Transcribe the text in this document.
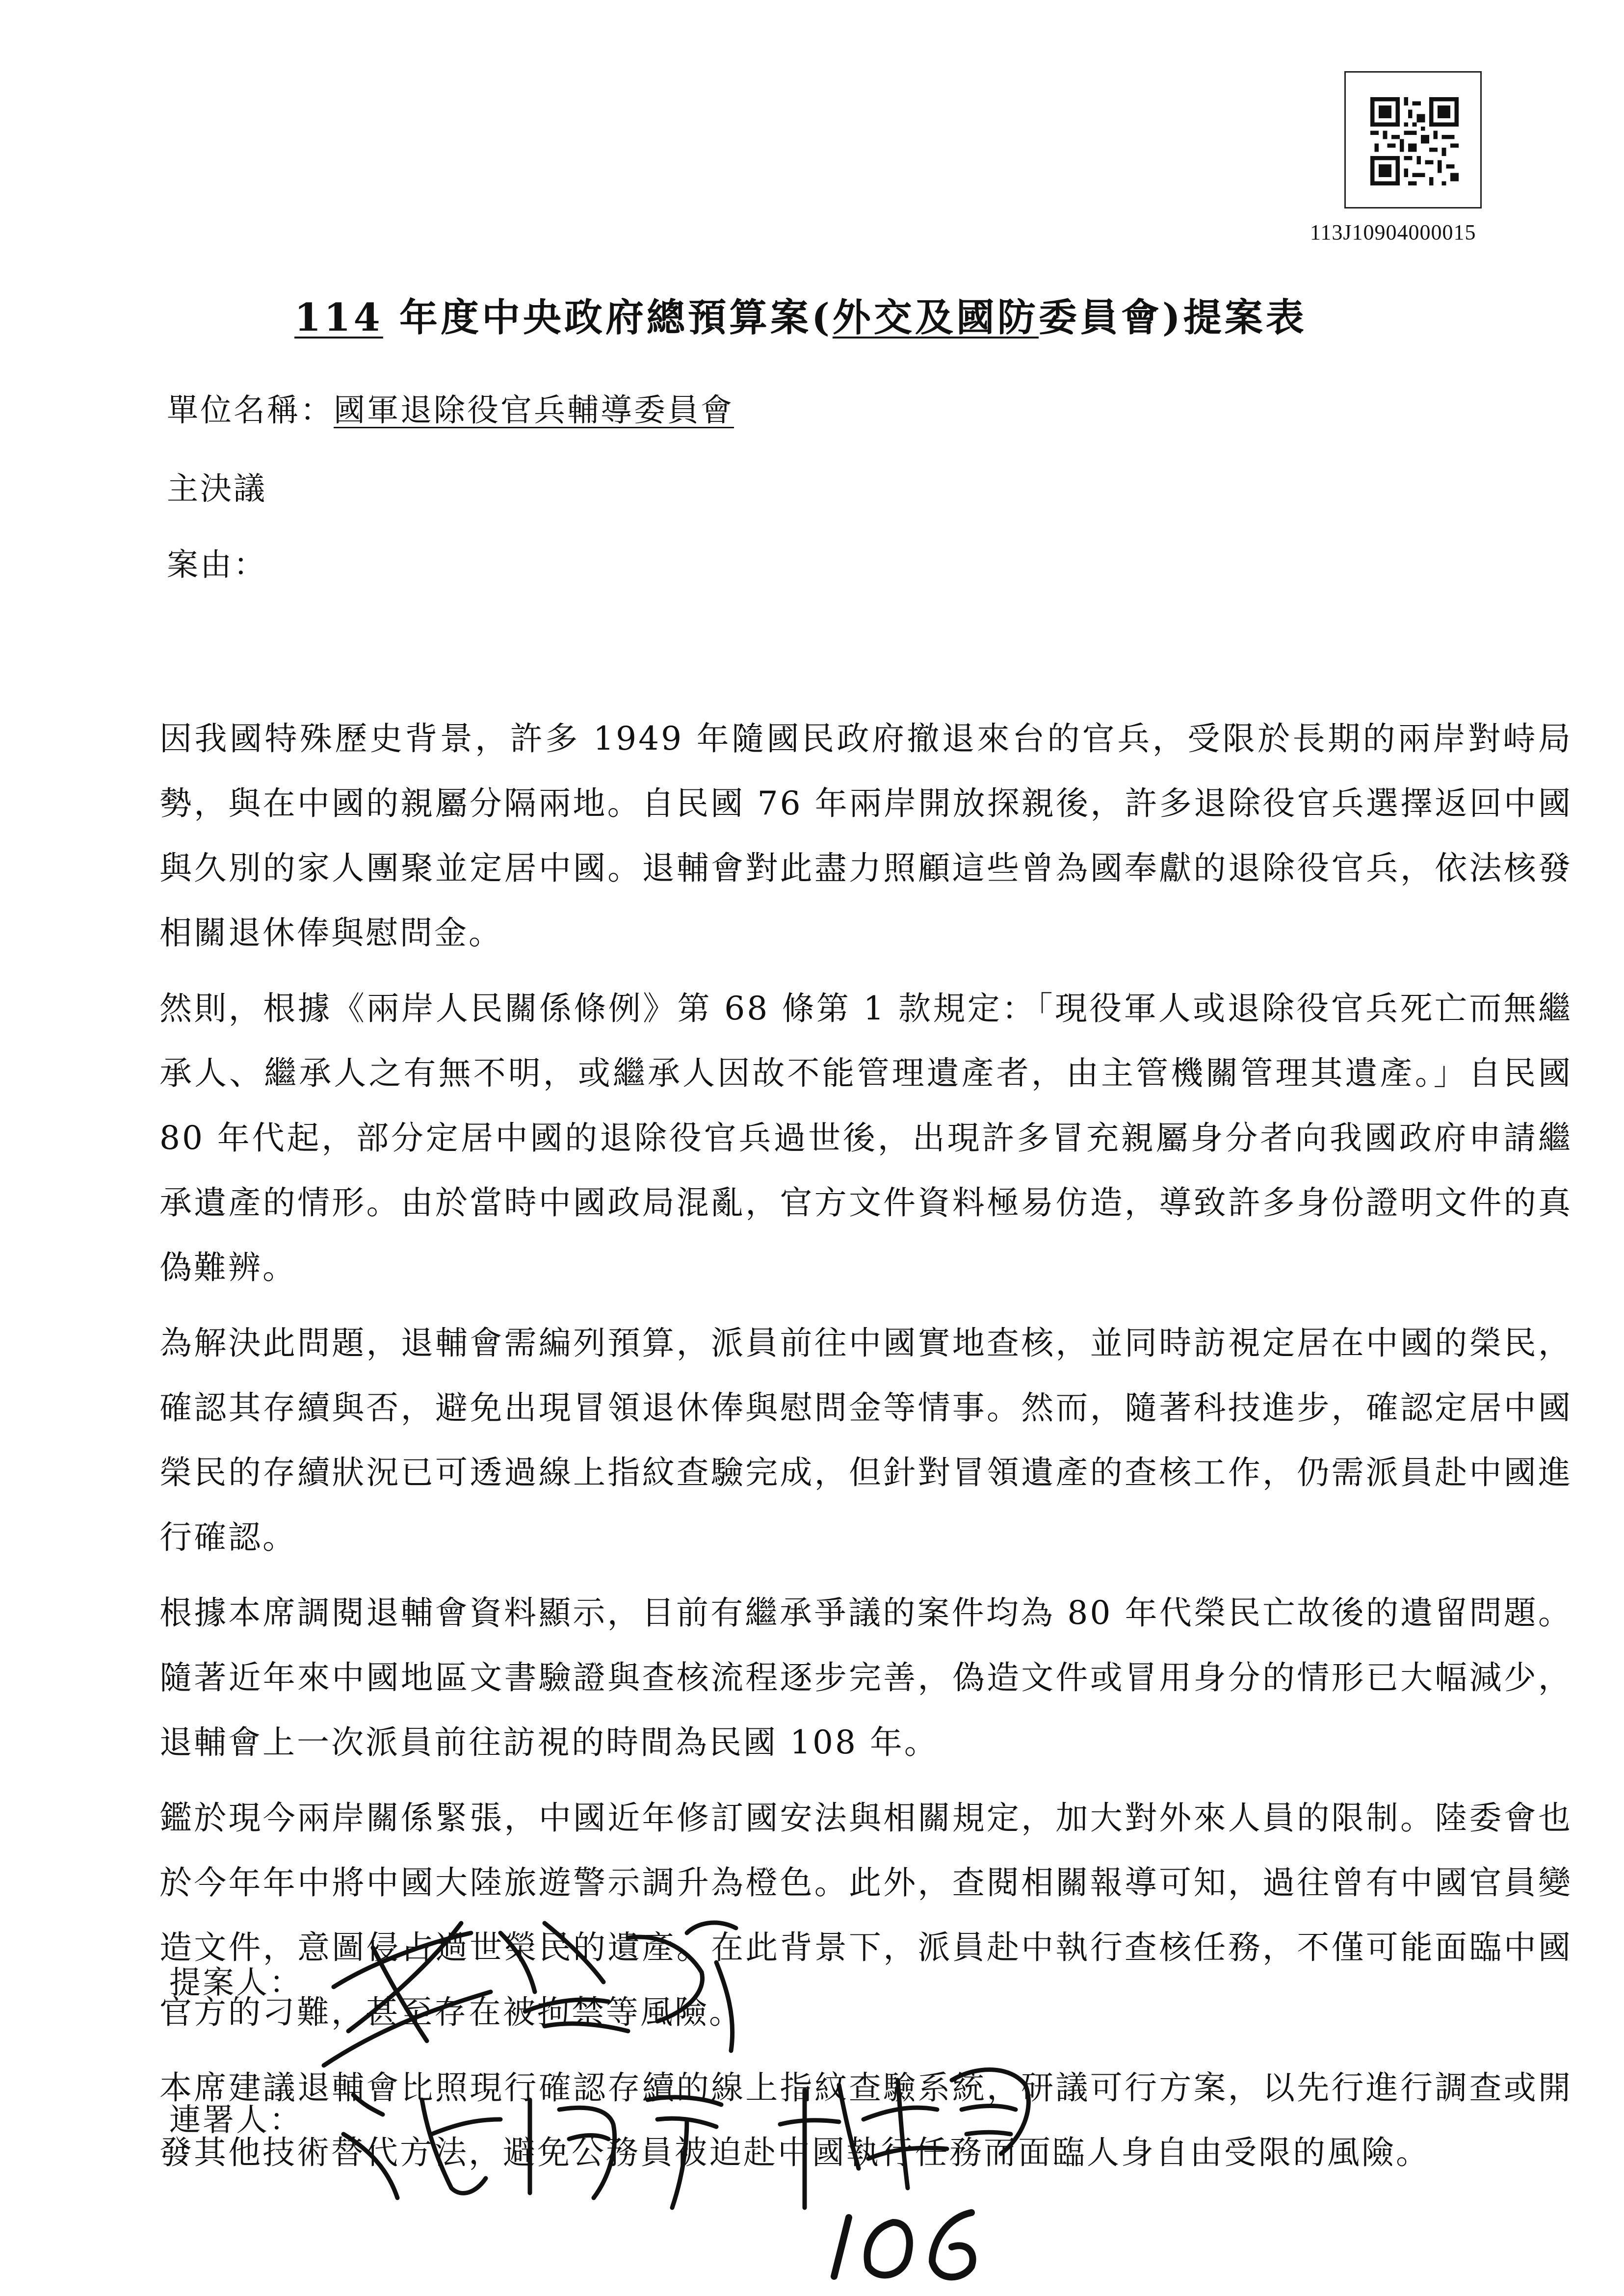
113J10904000015
114 年度中央政府總預算案(外交及國防委員會)提案表
單位名稱：國軍退除役官兵輔導委員會
主決議
案由：

因我國特殊歷史背景，許多 1949 年隨國民政府撤退來台的官兵，受限於長期的兩岸對峙局勢，與在中國的親屬分隔兩地。自民國 76 年兩岸開放探親後，許多退除役官兵選擇返回中國與久別的家人團聚並定居中國。退輔會對此盡力照顧這些曾為國奉獻的退除役官兵，依法核發相關退休俸與慰問金。

然則，根據《兩岸人民關係條例》第 68 條第 1 款規定：「現役軍人或退除役官兵死亡而無繼承人、繼承人之有無不明，或繼承人因故不能管理遺產者，由主管機關管理其遺產。」自民國 80 年代起，部分定居中國的退除役官兵過世後，出現許多冒充親屬身分者向我國政府申請繼承遺產的情形。由於當時中國政局混亂，官方文件資料極易仿造，導致許多身份證明文件的真偽難辨。

為解決此問題，退輔會需編列預算，派員前往中國實地查核，並同時訪視定居在中國的榮民，確認其存續與否，避免出現冒領退休俸與慰問金等情事。然而，隨著科技進步，確認定居中國榮民的存續狀況已可透過線上指紋查驗完成，但針對冒領遺產的查核工作，仍需派員赴中國進行確認。

根據本席調閱退輔會資料顯示，目前有繼承爭議的案件均為 80 年代榮民亡故後的遺留問題。隨著近年來中國地區文書驗證與查核流程逐步完善，偽造文件或冒用身分的情形已大幅減少，退輔會上一次派員前往訪視的時間為民國 108 年。

鑑於現今兩岸關係緊張，中國近年修訂國安法與相關規定，加大對外來人員的限制。陸委會也於今年年中將中國大陸旅遊警示調升為橙色。此外，查閱相關報導可知，過往曾有中國官員變造文件，意圖侵占過世榮民的遺產。在此背景下，派員赴中執行查核任務，不僅可能面臨中國官方的刁難，甚至存在被拘禁等風險。

本席建議退輔會比照現行確認存續的線上指紋查驗系統，研議可行方案，以先行進行調查或開發其他技術替代方法，避免公務員被迫赴中國執行任務而面臨人身自由受限的風險。

提案人：
連署人：
